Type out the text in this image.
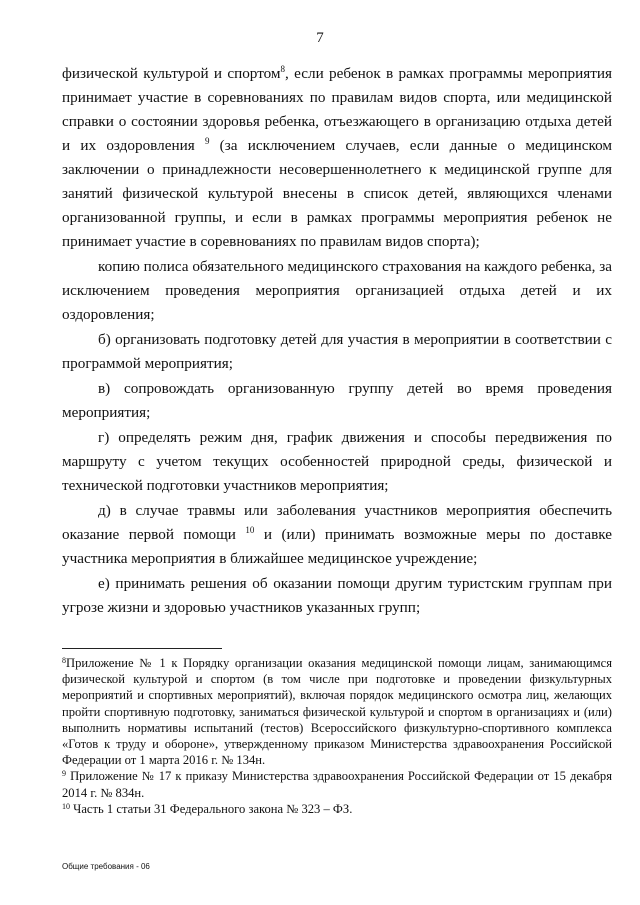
7

физической культурой и спортом$^8$, если ребенок в рамках программы мероприятия принимает участие в соревнованиях по правилам видов спорта, или медицинской справки о состоянии здоровья ребенка, отъезжающего в организацию отдыха детей и их оздоровления $^9$ (за исключением случаев, если данные о медицинском заключении о принадлежности несовершеннолетнего к медицинской группе для занятий физической культурой внесены в список детей, являющихся членами организованной группы, и если в рамках программы мероприятия ребенок не принимает участие в соревнованиях по правилам видов спорта);

копию полиса обязательного медицинского страхования на каждого ребенка, за исключением проведения мероприятия организацией отдыха детей и их оздоровления;

б) организовать подготовку детей для участия в мероприятии в соответствии с программой мероприятия;

в) сопровождать организованную группу детей во время проведения мероприятия;

г) определять режим дня, график движения и способы передвижения по маршруту с учетом текущих особенностей природной среды, физической и технической подготовки участников мероприятия;

д) в случае травмы или заболевания участников мероприятия обеспечить оказание первой помощи $^{10}$ и (или) принимать возможные меры по доставке участника мероприятия в ближайшее медицинское учреждение;

е) принимать решения об оказании помощи другим туристским группам при угрозе жизни и здоровью участников указанных групп;

$^8$Приложение № 1 к Порядку организации оказания медицинской помощи лицам, занимающимся физической культурой и спортом (в том числе при подготовке и проведении физкультурных мероприятий и спортивных мероприятий), включая порядок медицинского осмотра лиц, желающих пройти спортивную подготовку, заниматься физической культурой и спортом в организациях и (или) выполнить нормативы испытаний (тестов) Всероссийского физкультурно-спортивного комплекса «Готов к труду и обороне», утвержденному приказом Министерства здравоохранения Российской Федерации от 1 марта 2016 г. № 134н.

$^9$ Приложение № 17 к приказу Министерства здравоохранения Российской Федерации от 15 декабря 2014 г. № 834н.

$^{10}$ Часть 1 статьи 31 Федерального закона № 323 – ФЗ.

Общие требования - 06
